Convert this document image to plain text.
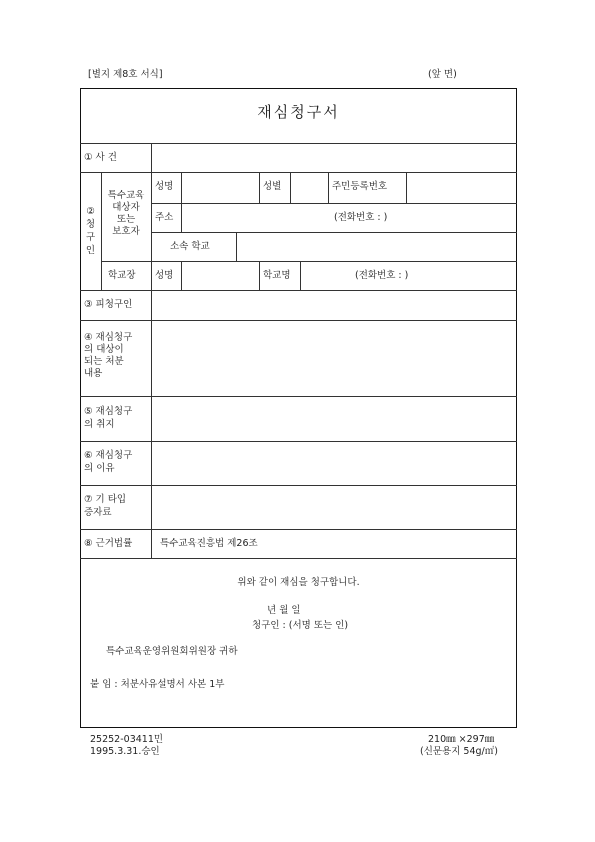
[별지 제8호 서식]	(앞 면)
재심청구서
① 사 건
②
청
구
인
특수교육
대상자
또는
보호자
성명	성별	주민등록번호
주소	(전화번호 : )
소속 학교
학교장 성명	학교명	(전화번호 : )
③ 피청구인
④ 재심청구
의 대상이
되는 처분
내용
⑤ 재심청구
의 취지
⑥ 재심청구
의 이유
⑦ 기 타입
증자료
⑧ 근거법률	특수교육진흥법 제26조
위와 같이 재심을 청구합니다.
년 월 일
청구인 : (서명 또는 인)
특수교육운영위원회위원장 귀하
붙 임 : 처분사유설명서 사본 1부
25252-03411민
1995.3.31.승인
210㎜ ×297㎜
(신문용지 54g/㎡)
